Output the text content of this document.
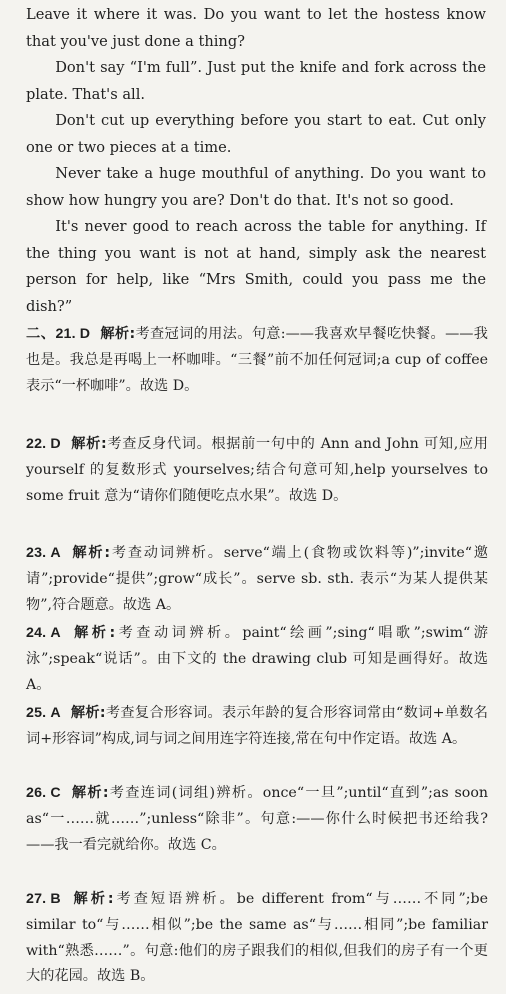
Leave it where it was. Do you want to let the hostess know that you've just done a thing?

Don't say “I'm full”. Just put the knife and fork across the plate. That's all.

Don't cut up everything before you start to eat. Cut only one or two pieces at a time.

Never take a huge mouthful of anything. Do you want to show how hungry you are? Don't do that. It's not so good.

It's never good to reach across the table for anything. If the thing you want is not at hand, simply ask the nearest person for help, like “Mrs Smith, could you pass me the dish?”

二、21. D 解析:考查冠词的用法。句意:——我喜欢早餐吃快餐。——我也是。我总是再喝上一杯咖啡。“三餐”前不加任何冠词;a cup of coffee 表示“一杯咖啡”。故选 D。
22. D 解析:考查反身代词。根据前一句中的 Ann and John 可知,应用 yourself 的复数形式 yourselves;结合句意可知,help yourselves to some fruit 意为“请你们随便吃点水果”。故选 D。
23. A 解析:考查动词辨析。serve“端上(食物或饮料等)”;invite“邀请”;provide“提供”;grow“成长”。serve sb. sth. 表示“为某人提供某物”,符合题意。故选 A。
24. A 解析:考查动词辨析。paint“绘画”;sing“唱歌”;swim“游泳”;speak“说话”。由下文的 the drawing club 可知是画得好。故选 A。
25. A 解析:考查复合形容词。表示年龄的复合形容词常由“数词+单数名词+形容词”构成,词与词之间用连字符连接,常在句中作定语。故选 A。
26. C 解析:考查连词(词组)辨析。once“一旦”;until“直到”;as soon as“一……就……”;unless“除非”。句意:——你什么时候把书还给我?——我一看完就给你。故选 C。
27. B 解析:考查短语辨析。be different from“与……不同”;be similar to“与……相似”;be the same as“与……相同”;be familiar with“熟悉……”。句意:他们的房子跟我们的相似,但我们的房子有一个更大的花园。故选 B。
